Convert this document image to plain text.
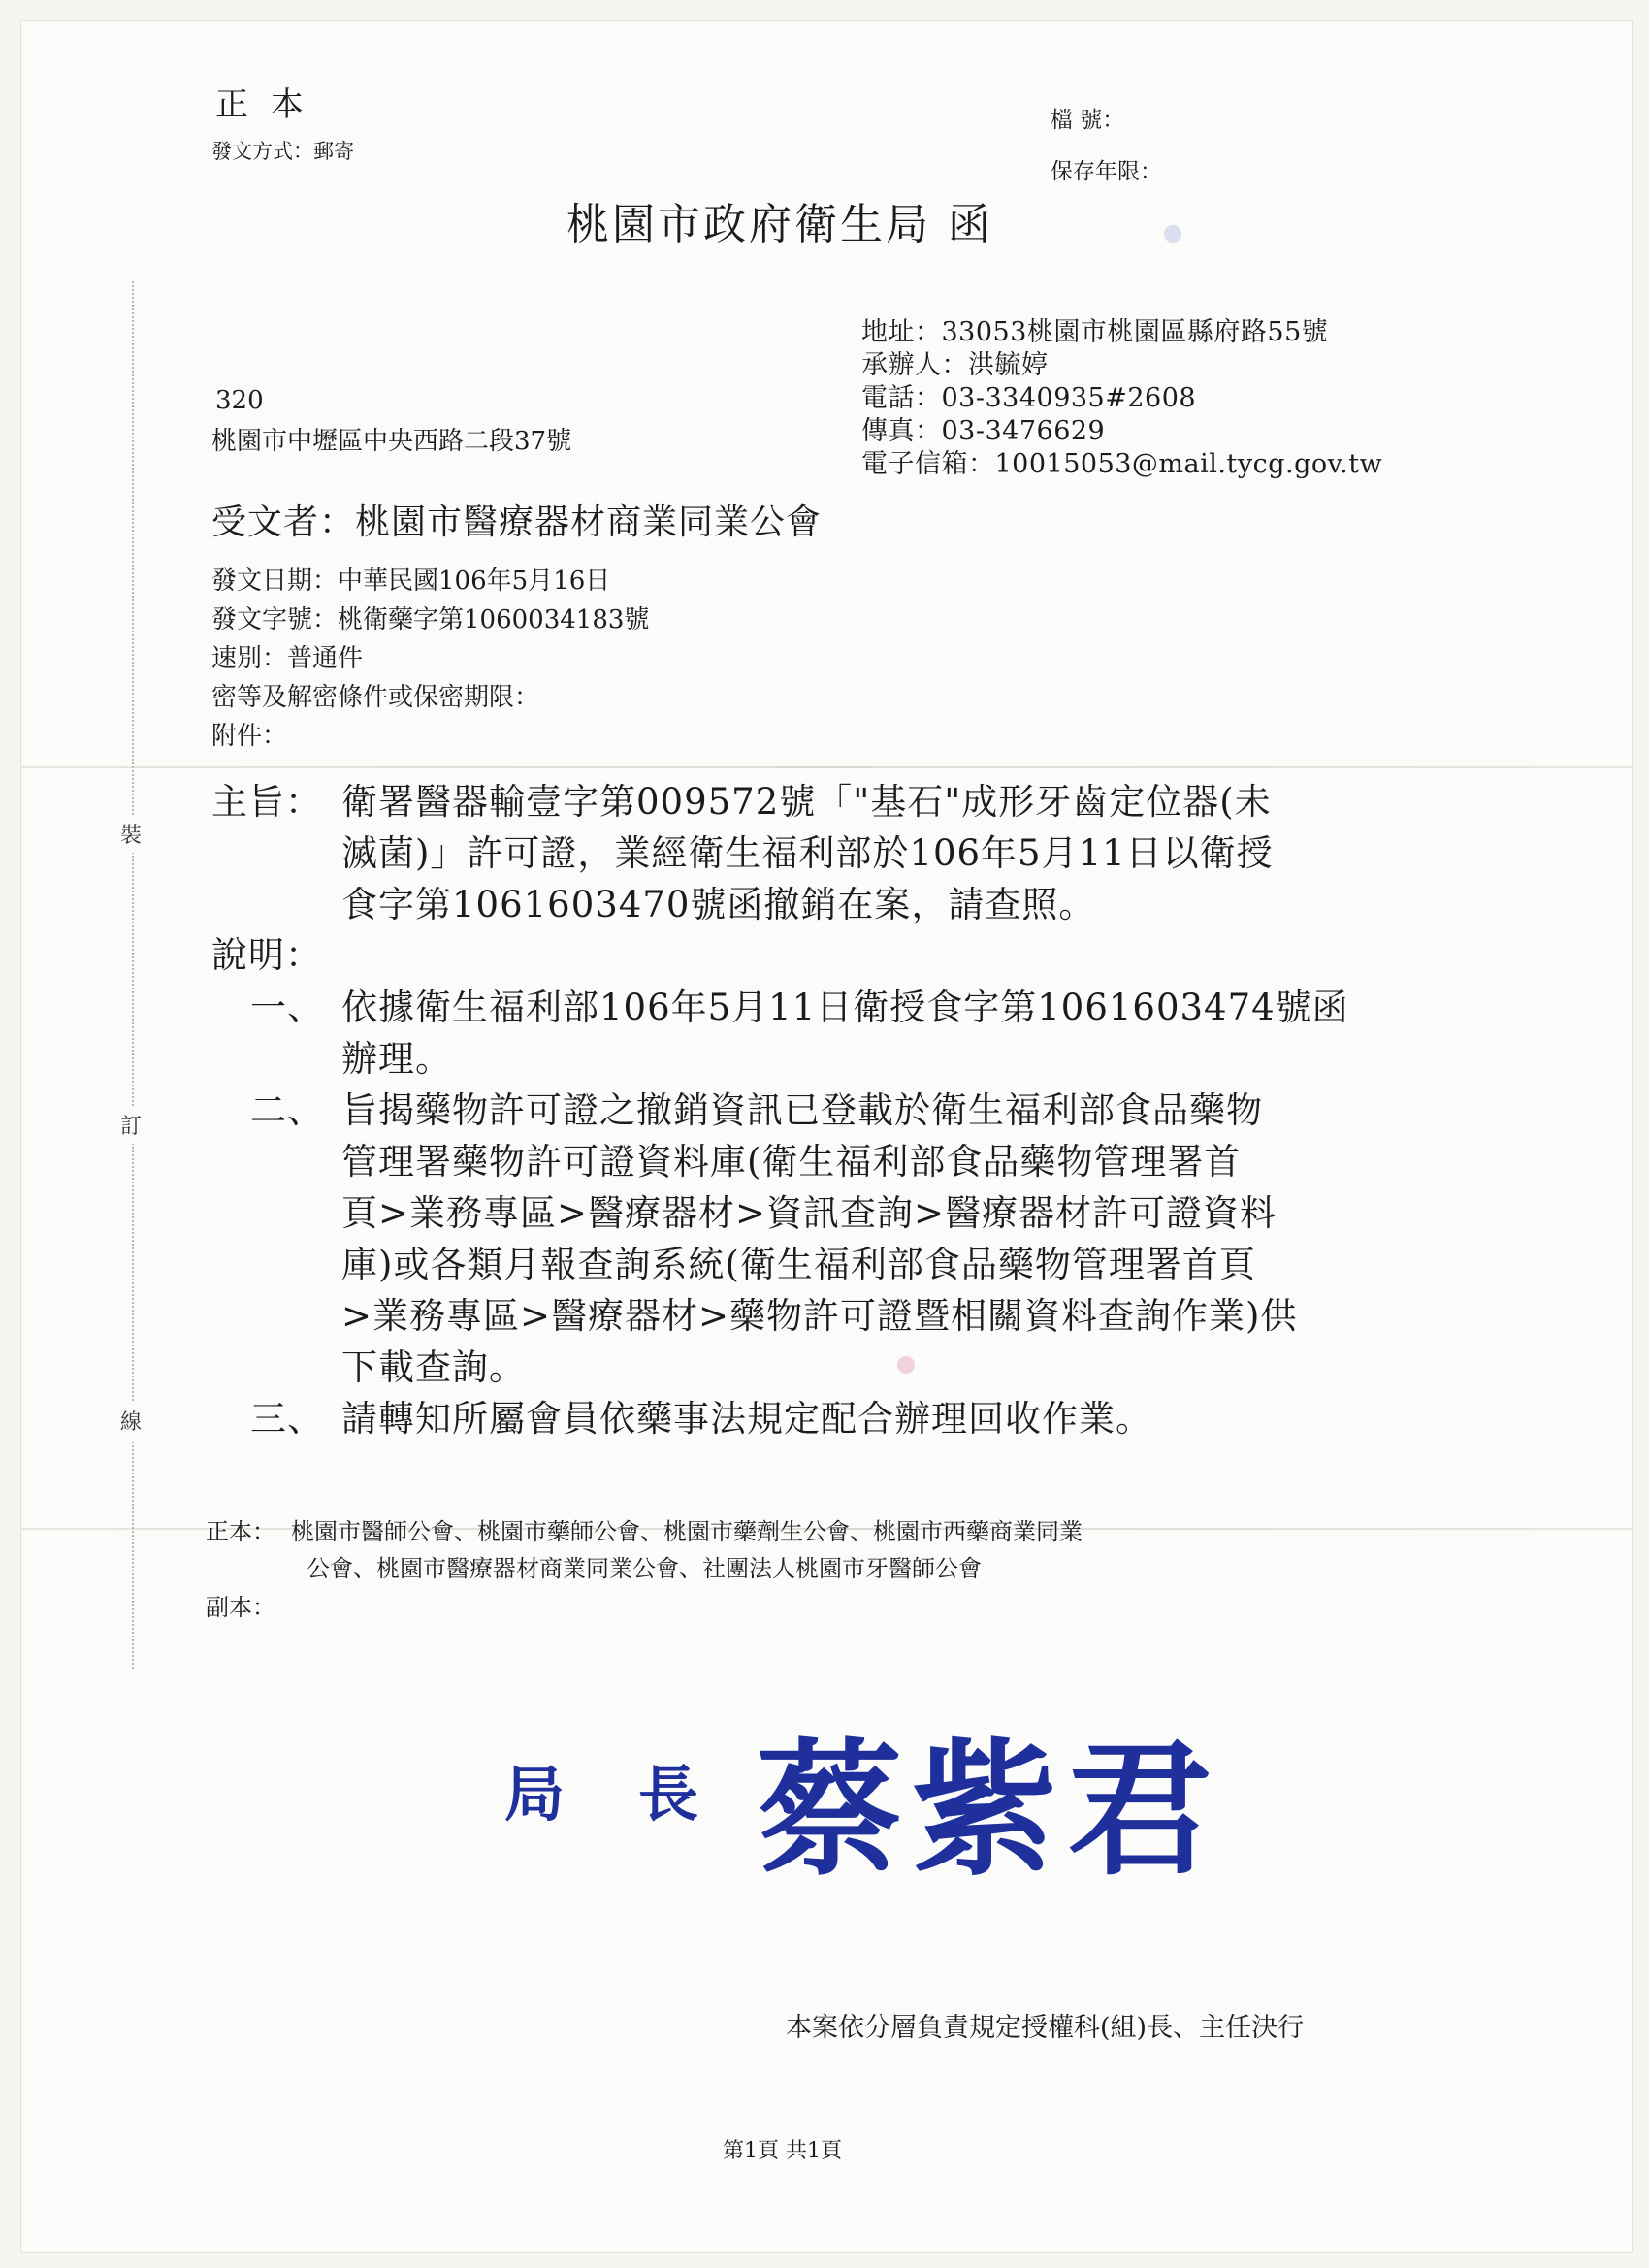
裝
訂
線
正 本
發文方式：郵寄
檔 號：
保存年限：
桃園市政府衛生局 函
地址：33053桃園市桃園區縣府路55號
承辦人：洪毓婷
電話：03-3340935#2608
傳真：03-3476629
電子信箱：10015053@mail.tycg.gov.tw
320
桃園市中壢區中央西路二段37號
受文者：桃園市醫療器材商業同業公會
發文日期：中華民國106年5月16日
發文字號：桃衛藥字第1060034183號
速別：普通件
密等及解密條件或保密期限：
附件：
主旨： 衛署醫器輸壹字第009572號「"基石"成形牙齒定位器(未
滅菌)」許可證，業經衛生福利部於106年5月11日以衛授
食字第1061603470號函撤銷在案，請查照。
說明：
一、 依據衛生福利部106年5月11日衛授食字第1061603474號函
辦理。
二、 旨揭藥物許可證之撤銷資訊已登載於衛生福利部食品藥物
管理署藥物許可證資料庫(衛生福利部食品藥物管理署首
頁>業務專區>醫療器材>資訊查詢>醫療器材許可證資料
庫)或各類月報查詢系統(衛生福利部食品藥物管理署首頁
>業務專區>醫療器材>藥物許可證暨相關資料查詢作業)供
下載查詢。
三、 請轉知所屬會員依藥事法規定配合辦理回收作業。
正本： 桃園市醫師公會、桃園市藥師公會、桃園市藥劑生公會、桃園市西藥商業同業
公會、桃園市醫療器材商業同業公會、社團法人桃園市牙醫師公會
副本：
局 長 蔡紫君
本案依分層負責規定授權科(組)長、主任決行
第1頁 共1頁
